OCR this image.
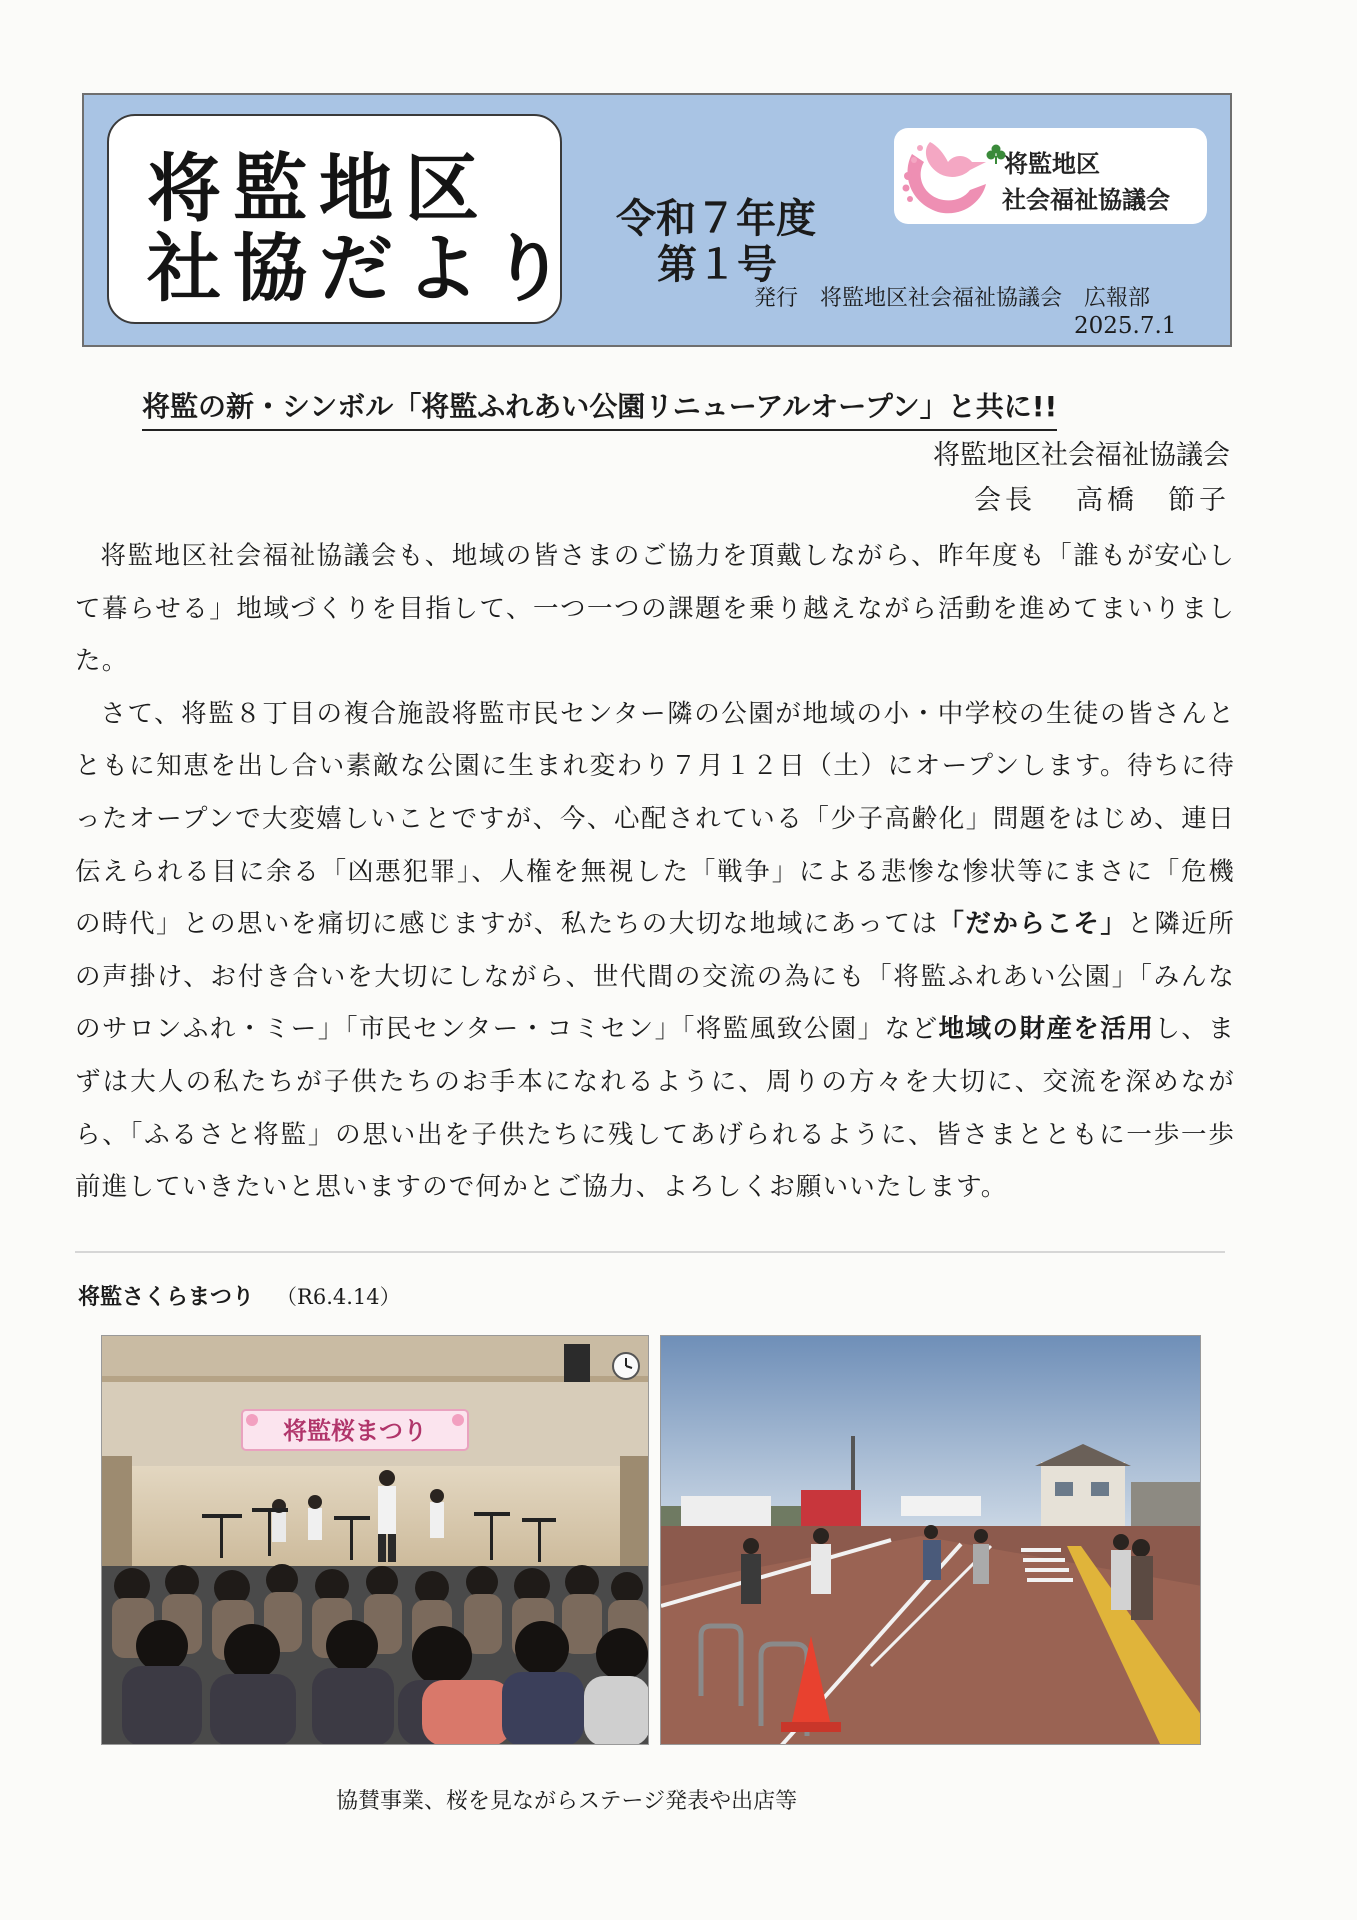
将監地区
社協だより
令和７年度
第１号
発行　将監地区社会福祉協議会　広報部
2025.7.1
将監地区
社会福祉協議会
将監の新・シンボル「将監ふれあい公園リニューアルオープン」と共に!!
将監地区社会福祉協議会
会長 高橋 節子

将監地区社会福祉協議会も、地域の皆さまのご協力を頂戴しながら、昨年度も「誰もが安心して暮らせる」地域づくりを目指して、一つ一つの課題を乗り越えながら活動を進めてまいりました。

さて、将監８丁目の複合施設将監市民センター隣の公園が地域の小・中学校の生徒の皆さんとともに知恵を出し合い素敵な公園に生まれ変わり７月１２日（土）にオープンします。待ちに待ったオープンで大変嬉しいことですが、今、心配されている「少子高齢化」問題をはじめ、連日伝えられる目に余る「凶悪犯罪」、人権を無視した「戦争」による悲惨な惨状等にまさに「危機の時代」との思いを痛切に感じますが、私たちの大切な地域にあっては「だからこそ」と隣近所の声掛け、お付き合いを大切にしながら、世代間の交流の為にも「将監ふれあい公園」「みんなのサロンふれ・ミー」「市民センター・コミセン」「将監風致公園」など地域の財産を活用し、まずは大人の私たちが子供たちのお手本になれるように、周りの方々を大切に、交流を深めながら、「ふるさと将監」の思い出を子供たちに残してあげられるように、皆さまとともに一歩一歩前進していきたいと思いますので何かとご協力、よろしくお願いいたします。

将監さくらまつり （R6.4.14）
将監桜まつり
協賛事業、桜を見ながらステージ発表や出店等
